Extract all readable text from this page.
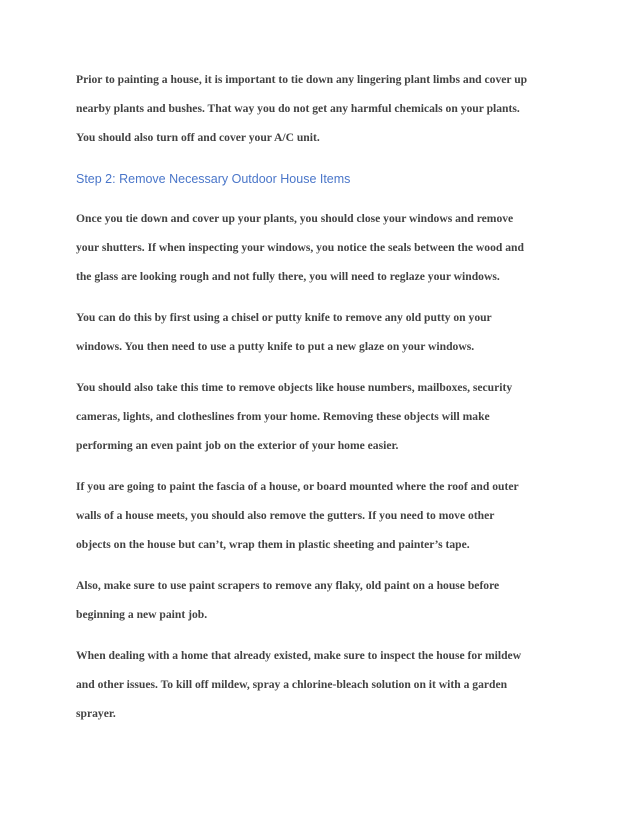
Prior to painting a house, it is important to tie down any lingering plant limbs and cover up
nearby plants and bushes. That way you do not get any harmful chemicals on your plants.
You should also turn off and cover your A/C unit.

Step 2: Remove Necessary Outdoor House Items

Once you tie down and cover up your plants, you should close your windows and remove
your shutters. If when inspecting your windows, you notice the seals between the wood and
the glass are looking rough and not fully there, you will need to reglaze your windows.

You can do this by first using a chisel or putty knife to remove any old putty on your
windows. You then need to use a putty knife to put a new glaze on your windows.

You should also take this time to remove objects like house numbers, mailboxes, security
cameras, lights, and clotheslines from your home. Removing these objects will make
performing an even paint job on the exterior of your home easier.

If you are going to paint the fascia of a house, or board mounted where the roof and outer
walls of a house meets, you should also remove the gutters. If you need to move other
objects on the house but can’t, wrap them in plastic sheeting and painter’s tape.

Also, make sure to use paint scrapers to remove any flaky, old paint on a house before
beginning a new paint job.

When dealing with a home that already existed, make sure to inspect the house for mildew
and other issues. To kill off mildew, spray a chlorine-bleach solution on it with a garden
sprayer.
